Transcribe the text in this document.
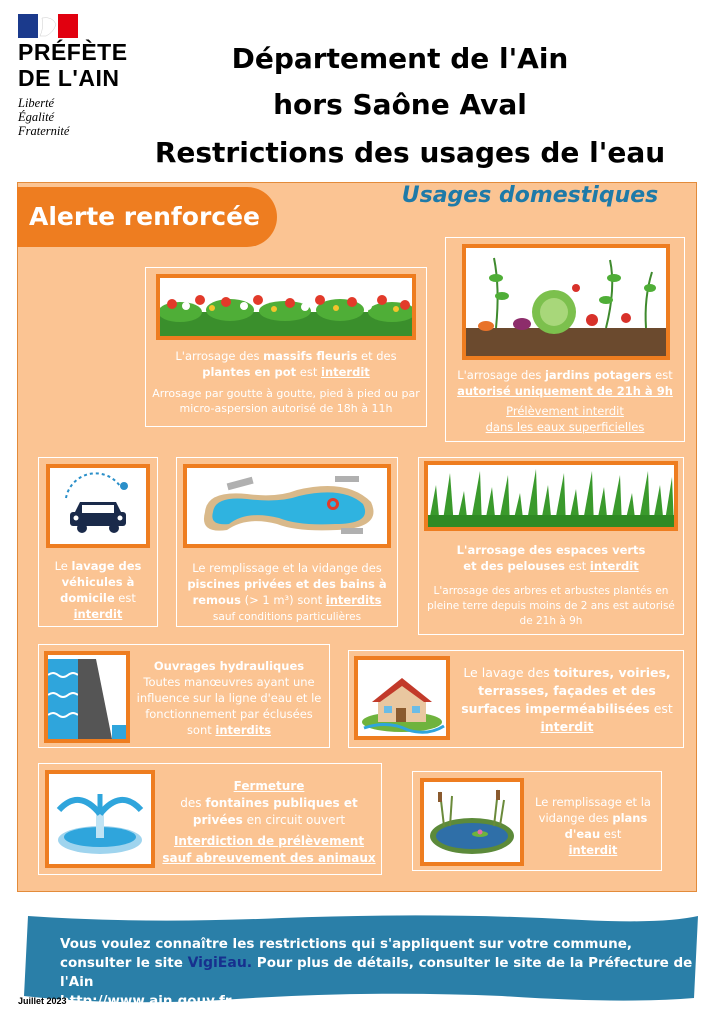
PRÉFÈTE
DE L'AIN
Liberté
Égalité
Fraternité
Département de l'Ain
hors Saône Aval
Restrictions des usages de l'eau
Alerte renforcée
Usages domestiques
L'arrosage des massifs fleuris et des plantes en pot est interdit
Arrosage par goutte à goutte, pied à pied ou par micro-aspersion autorisé de 18h à 11h
L'arrosage des jardins potagers est
autorisé uniquement de 21h à 9h
Prélèvement interdit
dans les eaux superficielles
Le lavage des véhicules à domicile est
interdit
Le remplissage et la vidange des piscines privées et des bains à remous (> 1 m³) sont interdits
sauf conditions particulières
L'arrosage des espaces verts
et des pelouses est interdit
L'arrosage des arbres et arbustes plantés en pleine terre depuis moins de 2 ans est autorisé de 21h à 9h
Ouvrages hydrauliques
Toutes manœuvres ayant une influence sur la ligne d'eau et le fonctionnement par éclusées sont interdits
Le lavage des toitures, voiries, terrasses, façades et des surfaces imperméabilisées est interdit
Fermeture
des fontaines publiques et privées en circuit ouvert
Interdiction de prélèvement
sauf abreuvement des animaux
Le remplissage et la vidange des plans d'eau est
interdit
Vous voulez connaître les restrictions qui s'appliquent sur votre commune, consulter le site VigiEau. Pour plus de détails, consulter le site de la Préfecture de l'Ain
http://www.ain.gouv.fr
Juillet 2023
